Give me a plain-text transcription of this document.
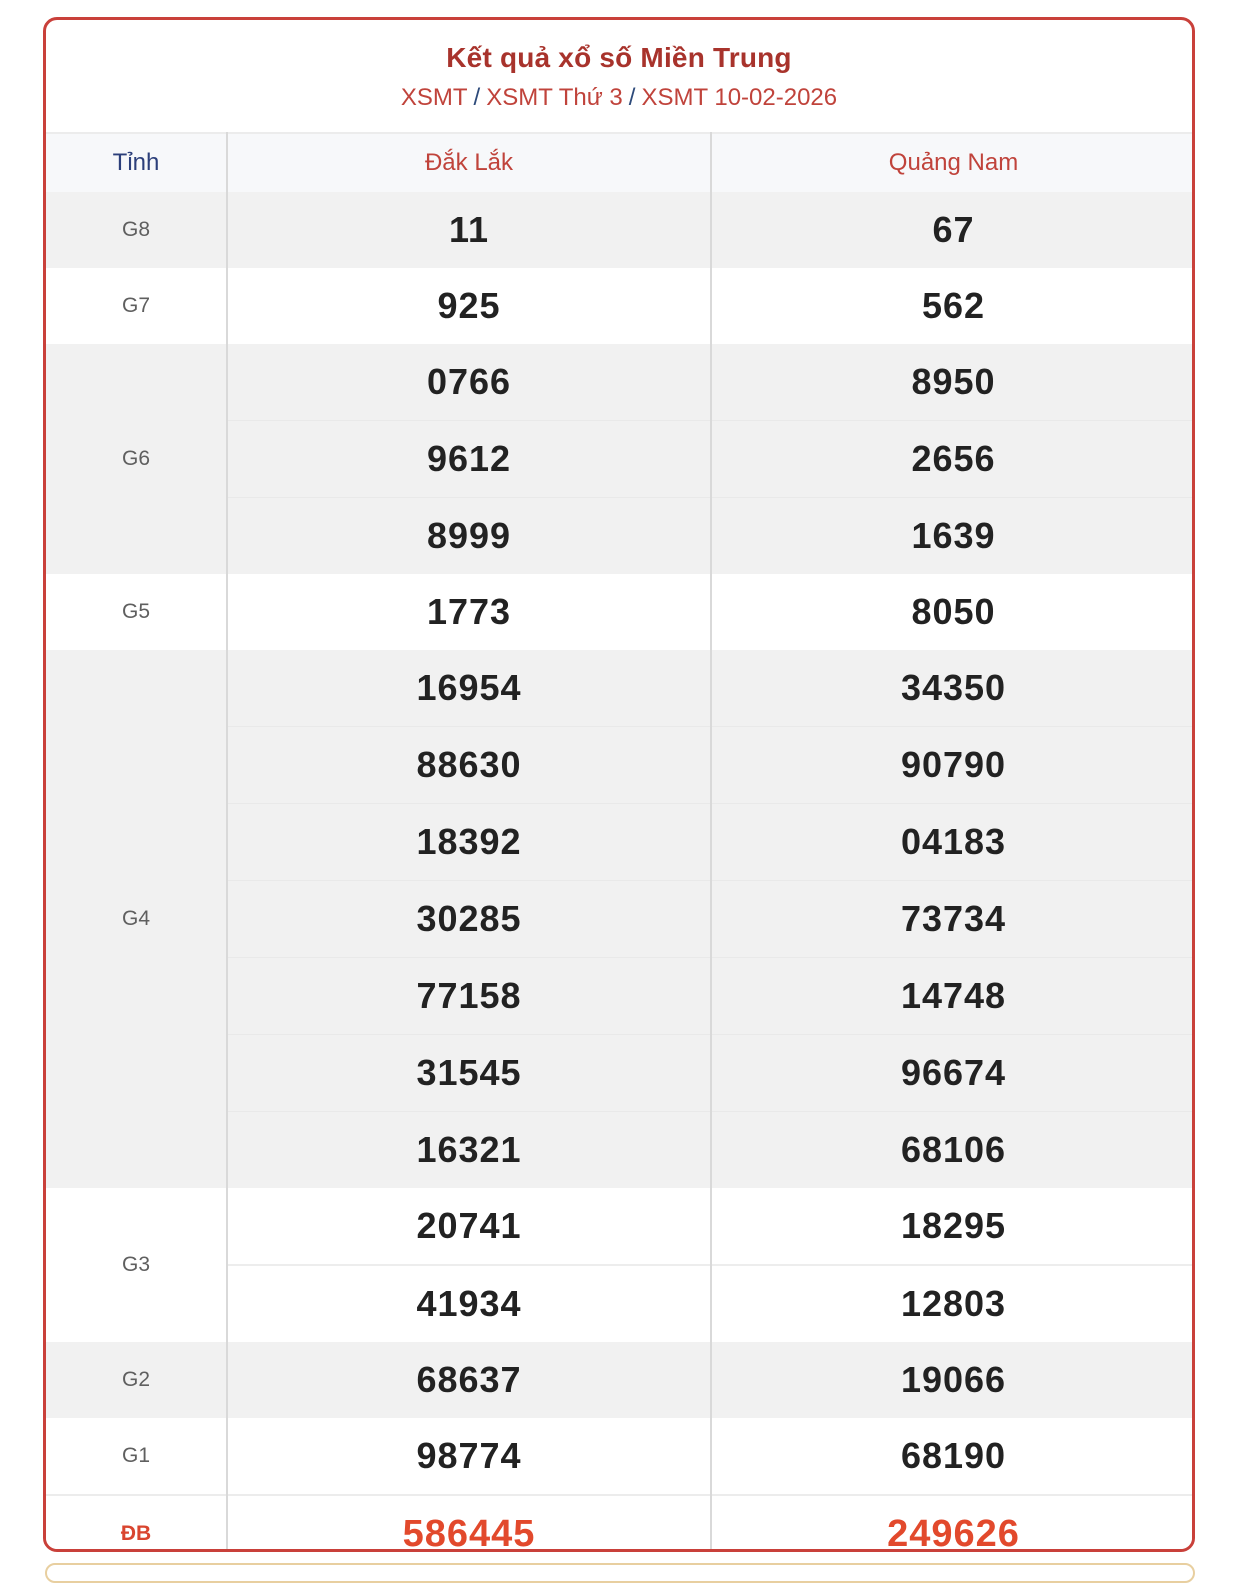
Kết quả xổ số Miền Trung
XSMT / XSMT Thứ 3 / XSMT 10-02-2026
Tỉnh	Đắk Lắk	Quảng Nam
G8	11	67
G7	925	562
G6	0766	8950
	9612	2656
	8999	1639
G5	1773	8050
G4	16954	34350
	88630	90790
	18392	04183
	30285	73734
	77158	14748
	31545	96674
	16321	68106
G3	20741	18295
	41934	12803
G2	68637	19066
G1	98774	68190
ĐB	586445	249626
